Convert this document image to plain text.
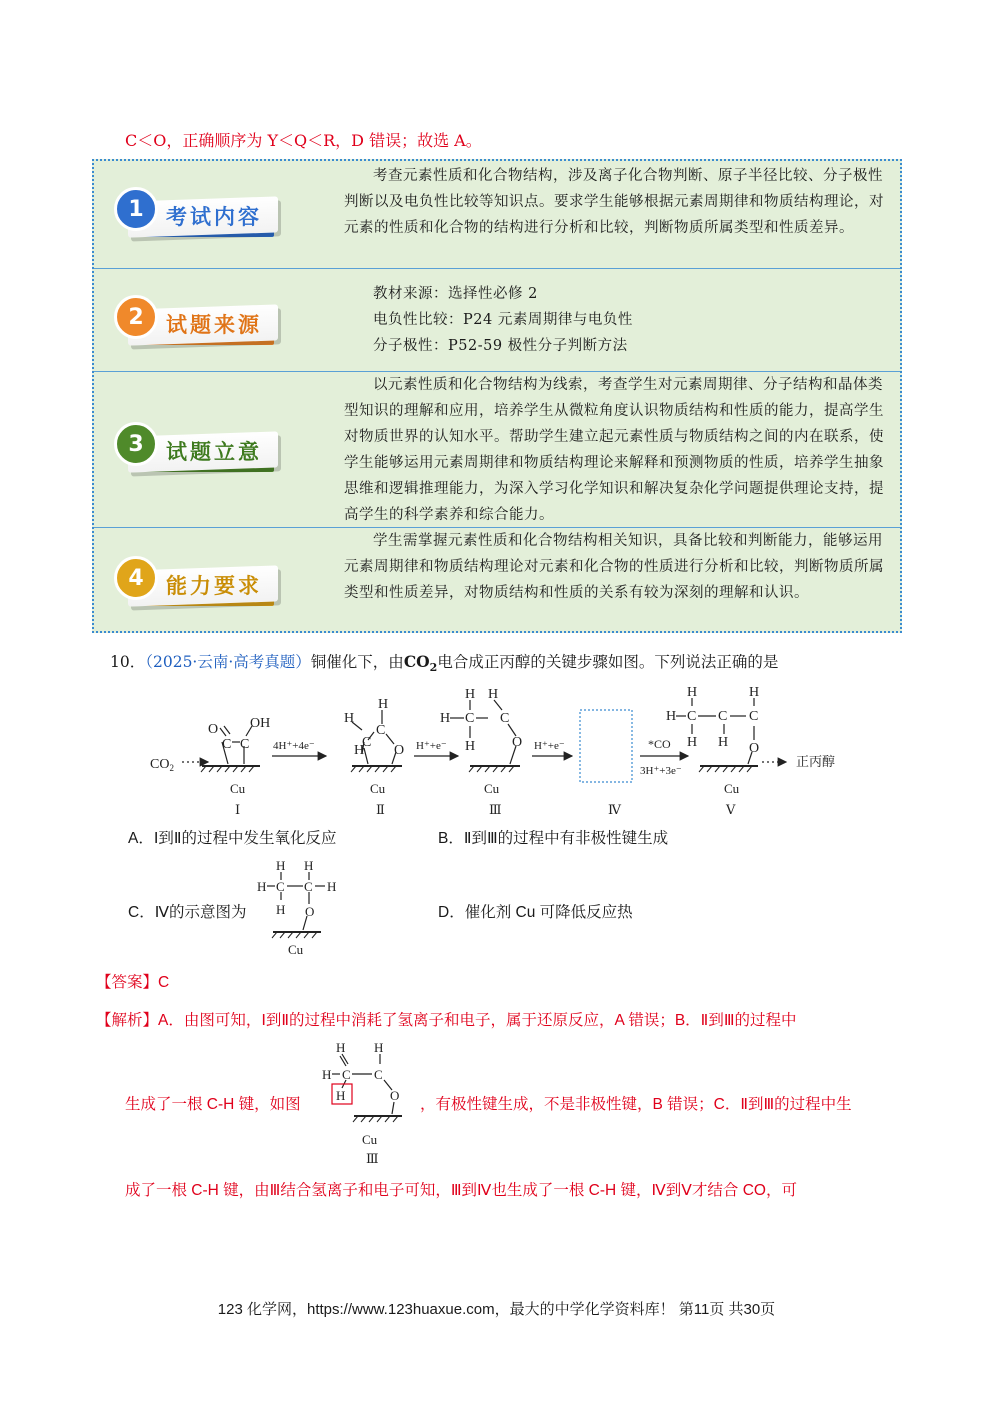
C＜O，正确顺序为 Y＜Q＜R，D 错误；故选 A。
1	考试内容
考查元素性质和化合物结构，涉及离子化合物判断、原子半径比较、分子极性判断以及电负性比较等知识点。要求学生能够根据元素周期律和物质结构理论，对元素的性质和化合物的结构进行分析和比较，判断物质所属类型和性质差异。
2	试题来源
教材来源：选择性必修 2
电负性比较：P24 元素周期律与电负性
分子极性：P52-59 极性分子判断方法
3	试题立意
以元素性质和化合物结构为线索，考查学生对元素周期律、分子结构和晶体类型知识的理解和应用，培养学生从微粒角度认识物质结构和性质的能力，提高学生对物质世界的认知水平。帮助学生建立起元素性质与物质结构之间的内在联系，使学生能够运用元素周期律和物质结构理论来解释和预测物质的性质，培养学生抽象思维和逻辑推理能力，为深入学习化学知识和解决复杂化学问题提供理论支持，提高学生的科学素养和综合能力。
4	能力要求
学生需掌握元素性质和化合物结构相关知识，具备比较和判断能力，能够运用元素周期律和物质结构理论对元素和化合物的性质进行分析和比较，判断物质所属类型和性质差异，对物质结构和性质的关系有较为深刻的理解和认识。
10．（2025·云南·高考真题）铜催化下，由$CO_2$电合成正丙醇的关键步骤如图。下列说法正确的是
$CO_2$
O OH
C C 4H⁺+4e⁻
H
H
C
H
C
O H⁺+e⁻
H H
H C C
H	O H⁺+e⁻	*CO
3H⁺+3e⁻
H	H
H C C C
H H O
正丙醇
Cu
Ⅰ
Cu
Ⅱ
Cu
Ⅲ	Ⅳ
Cu
Ⅴ
A．Ⅰ到Ⅱ的过程中发生氧化反应	B．Ⅱ到Ⅲ的过程中有非极性键生成
C．Ⅳ的示意图为	D．催化剂 Cu 可降低反应热
H H
H C C H
H O
Cu
【答案】C
【解析】A．由图可知，Ⅰ到Ⅱ的过程中消耗了氢离子和电子，属于还原反应，A 错误；B．Ⅱ到Ⅲ的过程中
生成了一根 C-H 键，如图
H H
H C C
H	O
Cu
Ⅲ
，有极性键生成，不是非极性键，B 错误；C．Ⅱ到Ⅲ的过程中生
成了一根 C-H 键，由Ⅲ结合氢离子和电子可知，Ⅲ到Ⅳ也生成了一根 C-H 键，Ⅳ到Ⅴ才结合 CO，可
123 化学网，https://www.123huaxue.com，最大的中学化学资料库！ 第11页 共30页
